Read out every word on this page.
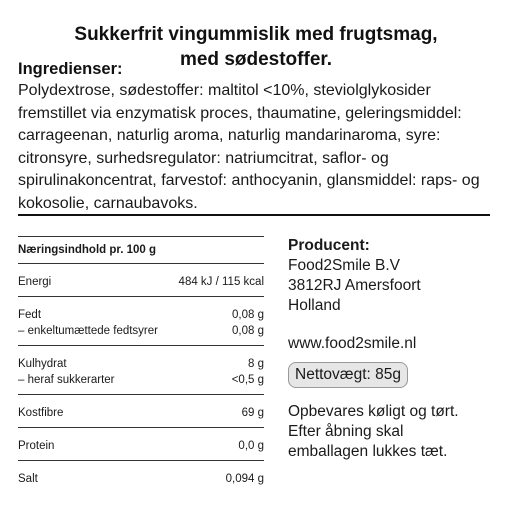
Sukkerfrit vingummislik med frugtsmag,
med sødestoffer.
Ingredienser:
Polydextrose, sødestoffer: maltitol <10%, steviolglykosider fremstillet via enzymatisk proces, thaumatine, geleringsmiddel: carrageenan, naturlig aroma, naturlig mandarinaroma, syre: citronsyre, surhedsregulator: natriumcitrat, saflor- og spirulinakoncentrat, farvestof: anthocyanin, glansmiddel: raps- og kokosolie, carnaubavoks.
Næringsindhold pr. 100 g
Energi	484 kJ / 115 kcal
Fedt	0,08 g
– enkeltumættede fedtsyrer	0,08 g
Kulhydrat	8 g
– heraf sukkerarter	<0,5 g
Kostfibre	69 g
Protein	0,0 g
Salt	0,094 g
Producent:
Food2Smile B.V
3812RJ Amersfoort
Holland
www.food2smile.nl
Nettovægt: 85g
Opbevares køligt og tørt.
Efter åbning skal
emballagen lukkes tæt.
